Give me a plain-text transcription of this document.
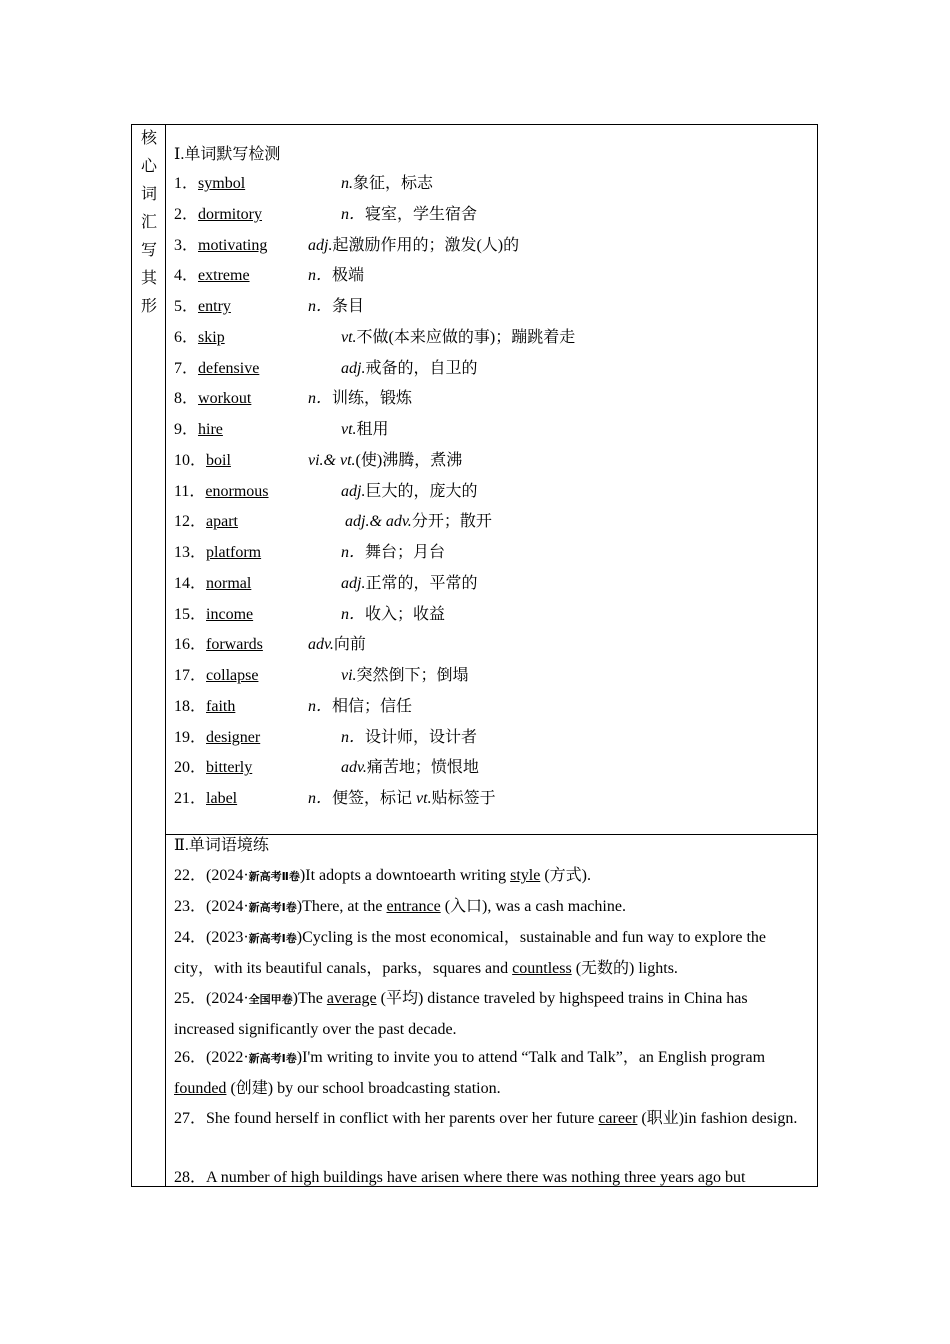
核
心
词
汇
写
其
形
Ⅰ.单词默写检测
1．symbol	n.象征，标志
2．dormitory	n．寝室，学生宿舍
3．motivating	adj.起激励作用的；激发(人)的
4．extreme	n．极端
5．entry	n．条目
6．skip	vt.不做(本来应做的事)；蹦跳着走
7．defensive	adj.戒备的，自卫的
8．workout	n．训练，锻炼
9．hire	vt.租用
10．boil	vi.& vt.(使)沸腾，煮沸
11．enormous	adj.巨大的，庞大的
12．apart	adj.& adv.分开；散开
13．platform	n．舞台；月台
14．normal	adj.正常的，平常的
15．income	n．收入；收益
16．forwards	adv.向前
17．collapse	vi.突然倒下；倒塌
18．faith	n．相信；信任
19．designer	n．设计师，设计者
20．bitterly	adv.痛苦地；愤恨地
21．label	n．便签，标记 vt.贴标签于
Ⅱ.单词语境练
22．(2024·新高考Ⅱ卷)It adopts a downtoearth writing style (方式).
23．(2024·新高考Ⅰ卷)There, at the entrance (入口), was a cash machine.
24．(2023·新高考Ⅰ卷)Cycling is the most economical，sustainable and fun way to explore the city，with its beautiful canals，parks，squares and countless (无数的) lights.
25．(2024·全国甲卷)The average (平均) distance traveled by highspeed trains in China has increased significantly over the past decade.
26．(2022·新高考Ⅰ卷)I'm writing to invite you to attend “Talk and Talk”，an English program founded (创建) by our school broadcasting station.
27．She found herself in conflict with her parents over her future career (职业)in fashion design.
28．A number of high buildings have arisen where there was nothing three years ago but
